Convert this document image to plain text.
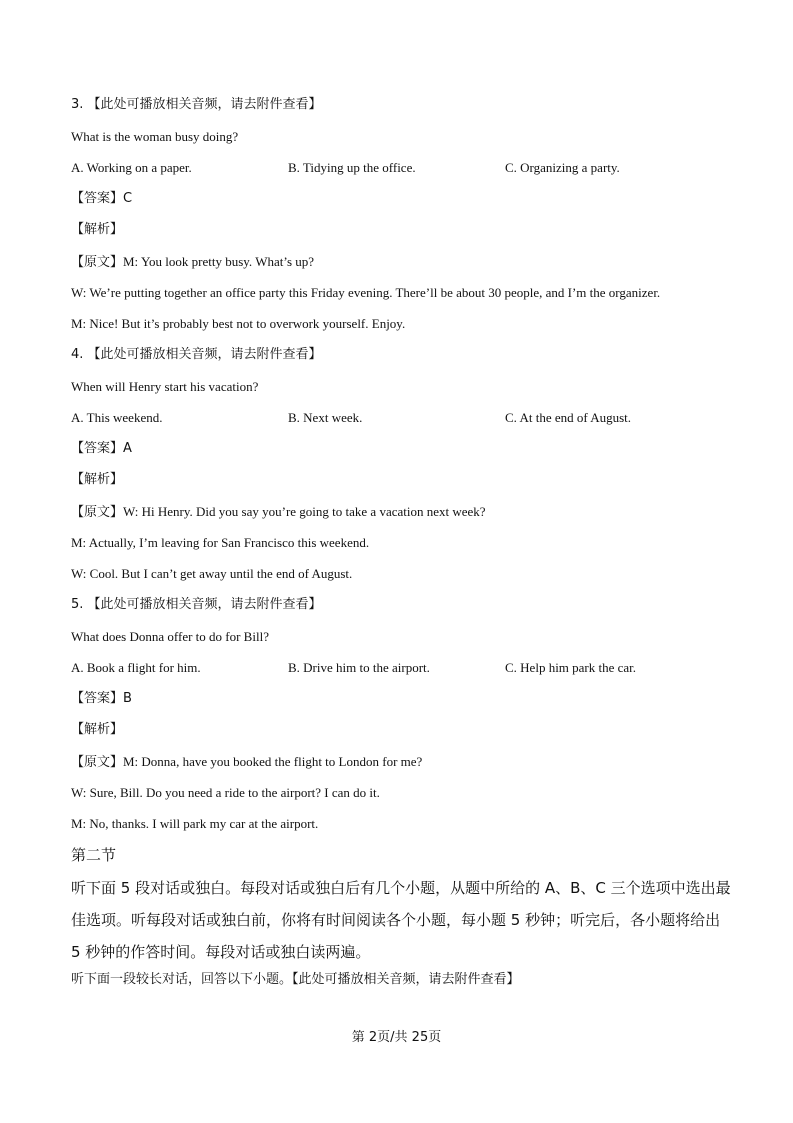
3. 【此处可播放相关音频，请去附件查看】
What is the woman busy doing?
A. Working on a paper.	B. Tidying up the office.	C. Organizing a party.
【答案】C
【解析】
【原文】M: You look pretty busy. What’s up?
W: We’re putting together an office party this Friday evening. There’ll be about 30 people, and I’m the organizer.
M: Nice! But it’s probably best not to overwork yourself. Enjoy.
4. 【此处可播放相关音频，请去附件查看】
When will Henry start his vacation?
A. This weekend.	B. Next week.	C. At the end of August.
【答案】A
【解析】
【原文】W: Hi Henry. Did you say you’re going to take a vacation next week?
M: Actually, I’m leaving for San Francisco this weekend.
W: Cool. But I can’t get away until the end of August.
5. 【此处可播放相关音频，请去附件查看】
What does Donna offer to do for Bill?
A. Book a flight for him.	B. Drive him to the airport.	C. Help him park the car.
【答案】B
【解析】
【原文】M: Donna, have you booked the flight to London for me?
W: Sure, Bill. Do you need a ride to the airport? I can do it.
M: No, thanks. I will park my car at the airport.
第二节
听下面 5 段对话或独白。每段对话或独白后有几个小题，从题中所给的 A、B、C 三个选项中选出最佳选项。听每段对话或独白前，你将有时间阅读各个小题，每小题 5 秒钟；听完后，各小题将给出 5 秒钟的作答时间。每段对话或独白读两遍。
听下面一段较长对话，回答以下小题。【此处可播放相关音频，请去附件查看】
第 2页/共 25页
